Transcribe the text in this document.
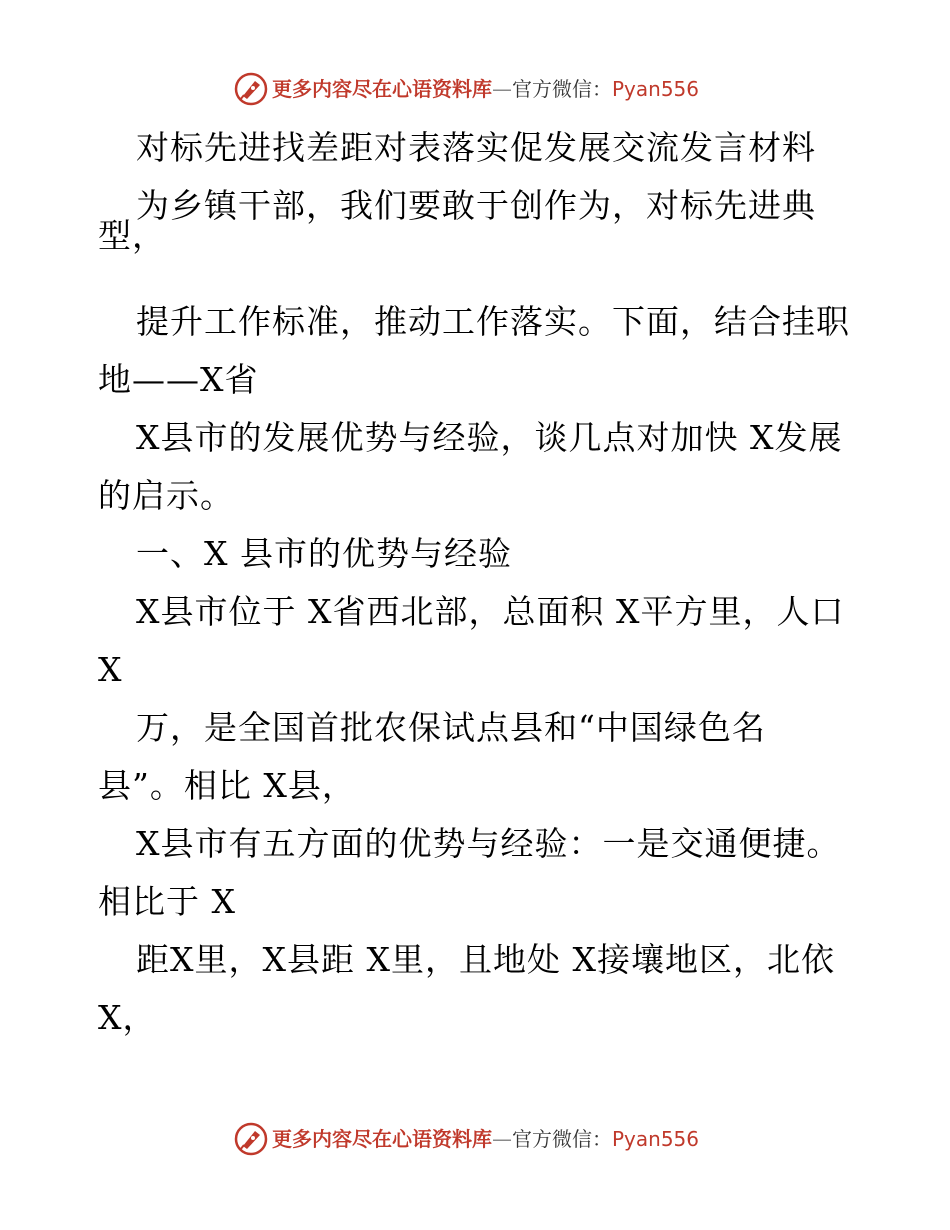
更多内容尽在心语资料库—官方微信：Pyan556
对标先进找差距对表落实促发展交流发言材料
为乡镇干部，我们要敢于创作为，对标先进典
型，
提升工作标准，推动工作落实。下面，结合挂职
地——X省
X县市的发展优势与经验，谈几点对加快 X发展
的启示。
一、X 县市的优势与经验
X县市位于 X省西北部，总面积 X平方里，人口
X
万，是全国首批农保试点县和“中国绿色名
县”。相比 X县，
X县市有五方面的优势与经验：一是交通便捷。
相比于 X
距X里，X县距 X里，且地处 X接壤地区，北依
X，
更多内容尽在心语资料库—官方微信：Pyan556
